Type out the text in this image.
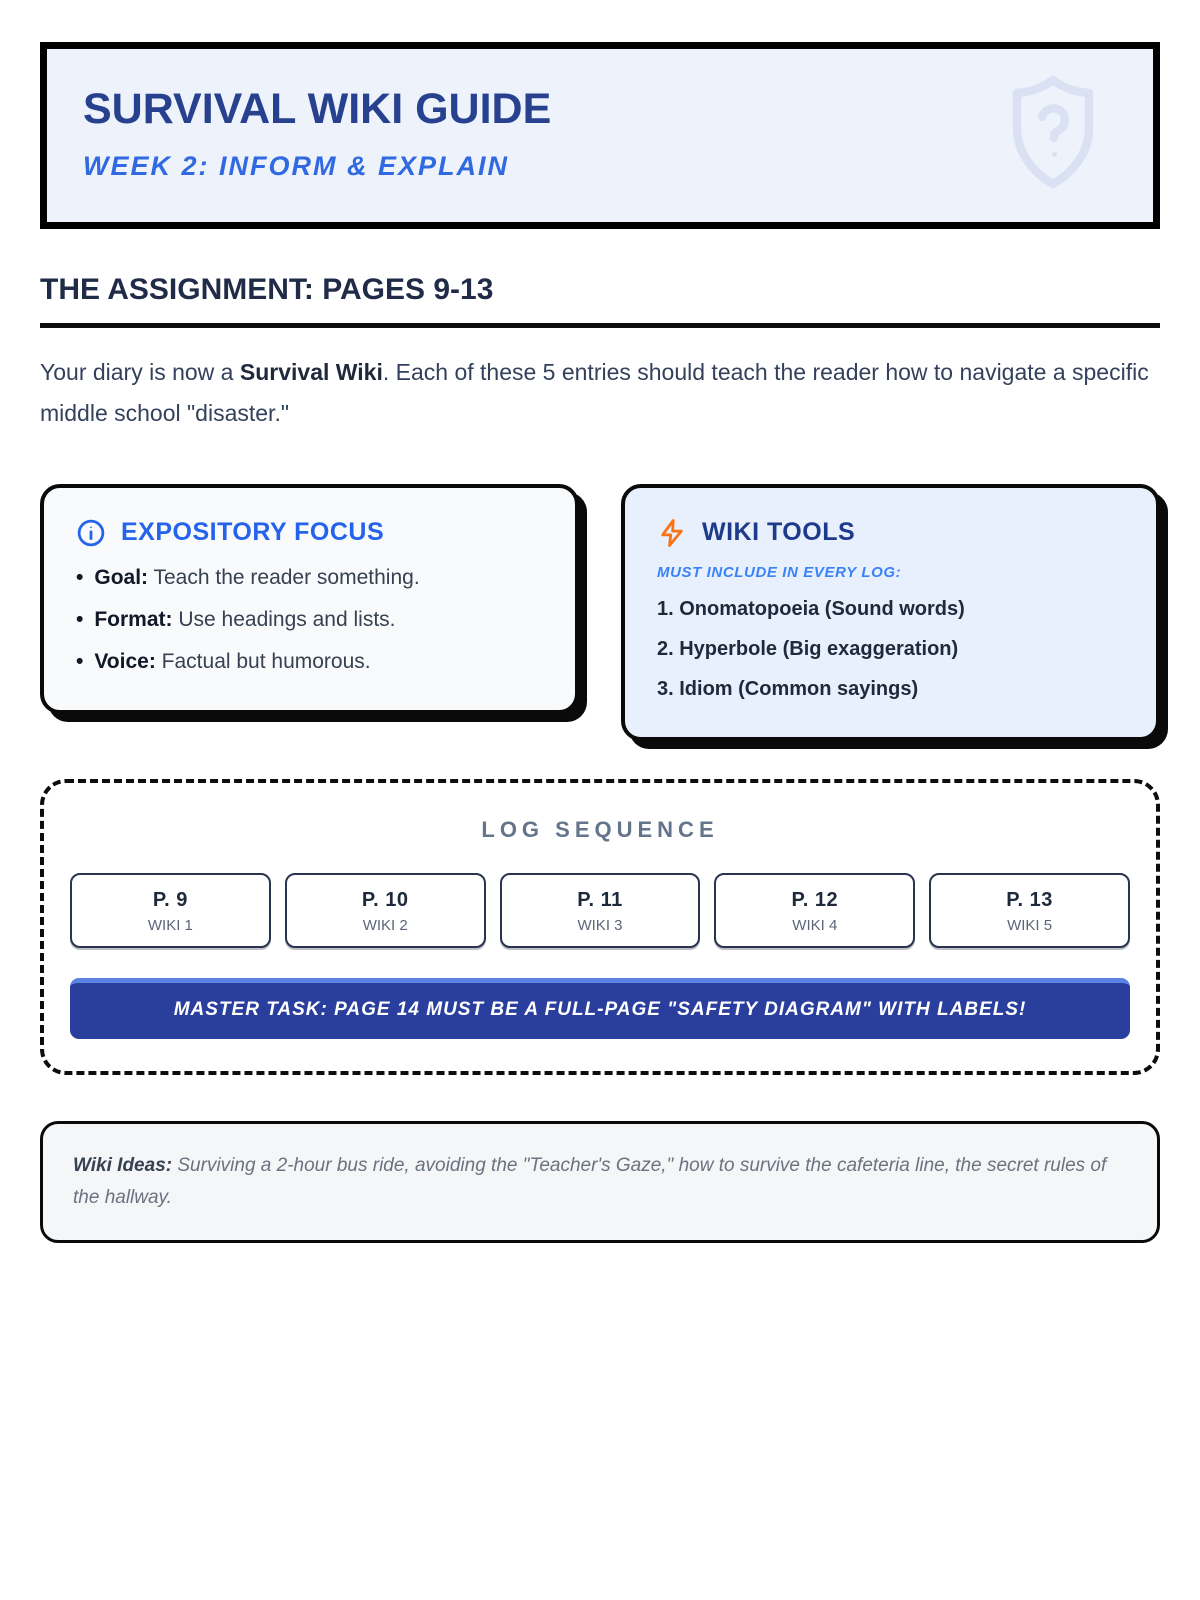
SURVIVAL WIKI GUIDE
WEEK 2: INFORM & EXPLAIN
THE ASSIGNMENT: PAGES 9-13

Your diary is now a Survival Wiki. Each of these 5 entries should teach the reader how to navigate a specific middle school "disaster."

EXPOSITORY FOCUS
• Goal: Teach the reader something.
• Format: Use headings and lists.
• Voice: Factual but humorous.
WIKI TOOLS
MUST INCLUDE IN EVERY LOG:
1. Onomatopoeia (Sound words)
2. Hyperbole (Big exaggeration)
3. Idiom (Common sayings)
LOG SEQUENCE
P. 9
WIKI 1
P. 10
WIKI 2
P. 11
WIKI 3
P. 12
WIKI 4
P. 13
WIKI 5
MASTER TASK: PAGE 14 MUST BE A FULL-PAGE "SAFETY DIAGRAM" WITH LABELS!
Wiki Ideas: Surviving a 2-hour bus ride, avoiding the "Teacher's Gaze," how to survive the cafeteria line, the secret rules of the hallway.
